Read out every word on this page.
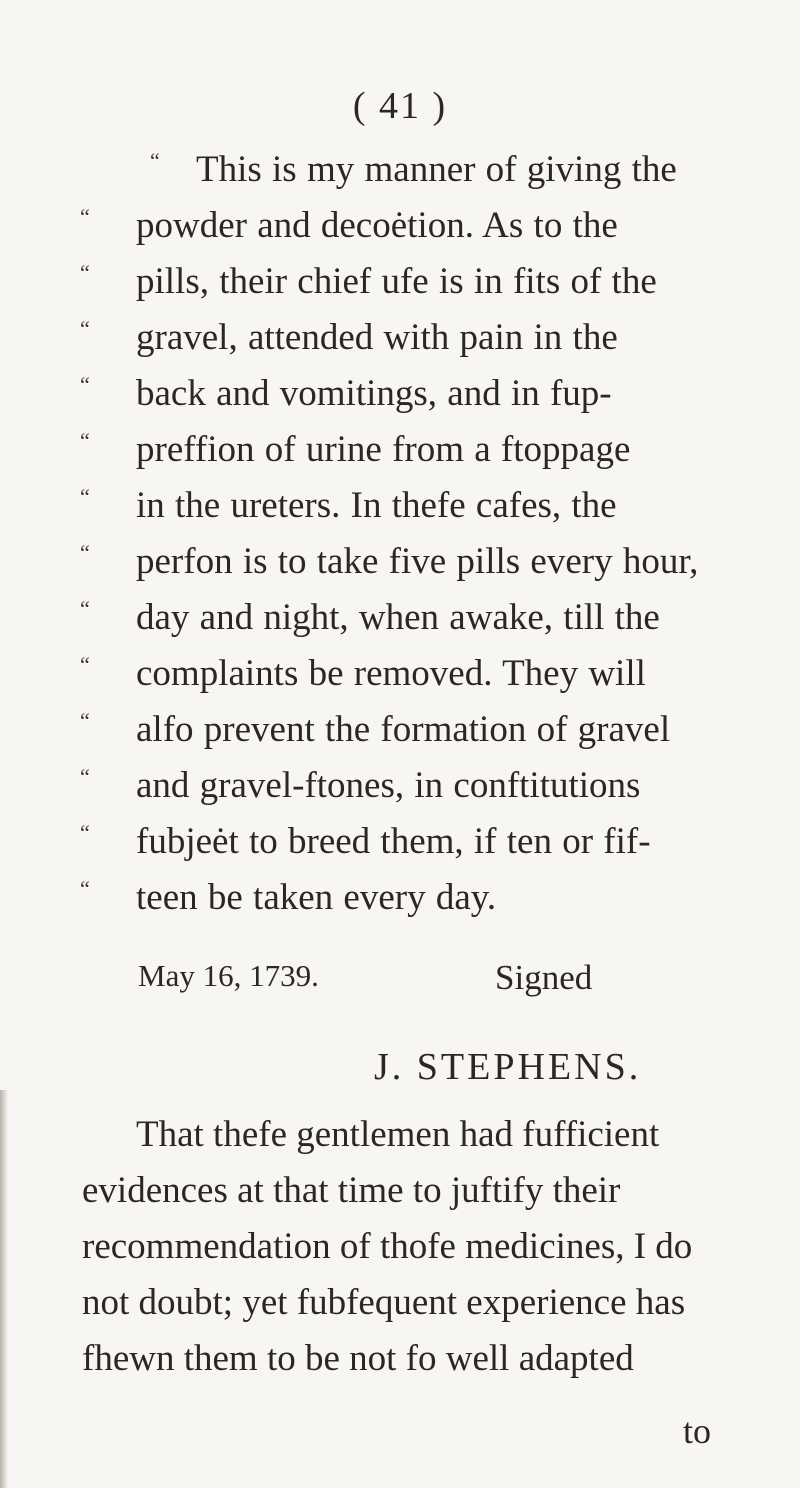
( 41 )
“ This is my manner of giving the
“ powder and decoėtion. As to the
“ pills, their chief ufe is in fits of the
“ gravel, attended with pain in the
“ back and vomitings, and in fup-
“ preffion of urine from a ftoppage
“ in the ureters. In thefe cafes, the
“ perfon is to take five pills every hour,
“ day and night, when awake, till the
“ complaints be removed. They will
“ alfo prevent the formation of gravel
“ and gravel-ftones, in conftitutions
“ fubjeėt to breed them, if ten or fif-
“ teen be taken every day.
May 16, 1739.	Signed
J. STEPHENS.
That thefe gentlemen had fufficient
evidences at that time to juftify their
recommendation of thofe medicines, I do
not doubt; yet fubfequent experience has
fhewn them to be not fo well adapted
to
